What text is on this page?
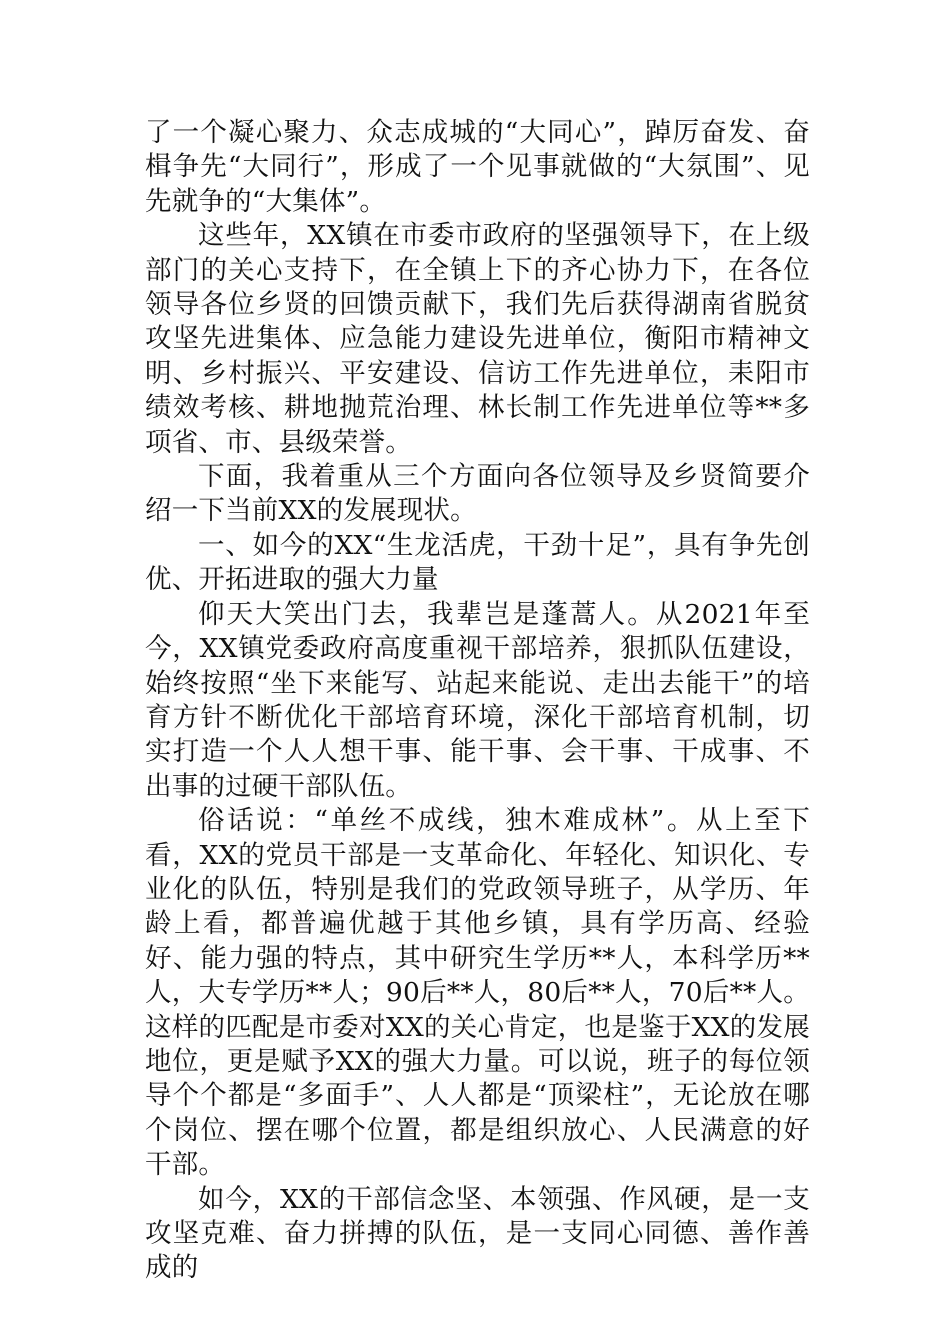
了一个凝心聚力、众志成城的“大同心”，踔厉奋发、奋楫争先“大同行”，形成了一个见事就做的“大氛围”、见先就争的“大集体”。

这些年，XX镇在市委市政府的坚强领导下，在上级部门的关心支持下，在全镇上下的齐心协力下，在各位领导各位乡贤的回馈贡献下，我们先后获得湖南省脱贫攻坚先进集体、应急能力建设先进单位，衡阳市精神文明、乡村振兴、平安建设、信访工作先进单位，耒阳市绩效考核、耕地抛荒治理、林长制工作先进单位等**多项省、市、县级荣誉。

下面，我着重从三个方面向各位领导及乡贤简要介绍一下当前XX的发展现状。

一、如今的XX“生龙活虎，干劲十足”，具有争先创优、开拓进取的强大力量

仰天大笑出门去，我辈岂是蓬蒿人。从2021年至今，XX镇党委政府高度重视干部培养，狠抓队伍建设，始终按照“坐下来能写、站起来能说、走出去能干”的培育方针不断优化干部培育环境，深化干部培育机制，切实打造一个人人想干事、能干事、会干事、干成事、不出事的过硬干部队伍。

俗话说：“单丝不成线，独木难成林”。从上至下看，XX的党员干部是一支革命化、年轻化、知识化、专业化的队伍，特别是我们的党政领导班子，从学历、年龄上看，都普遍优越于其他乡镇，具有学历高、经验好、能力强的特点，其中研究生学历**人，本科学历**人，大专学历**人；90后**人，80后**人，70后**人。这样的匹配是市委对XX的关心肯定，也是鉴于XX的发展地位，更是赋予XX的强大力量。可以说，班子的每位领导个个都是“多面手”、人人都是“顶梁柱”，无论放在哪个岗位、摆在哪个位置，都是组织放心、人民满意的好干部。

如今，XX的干部信念坚、本领强、作风硬，是一支攻坚克难、奋力拼搏的队伍，是一支同心同德、善作善成的
